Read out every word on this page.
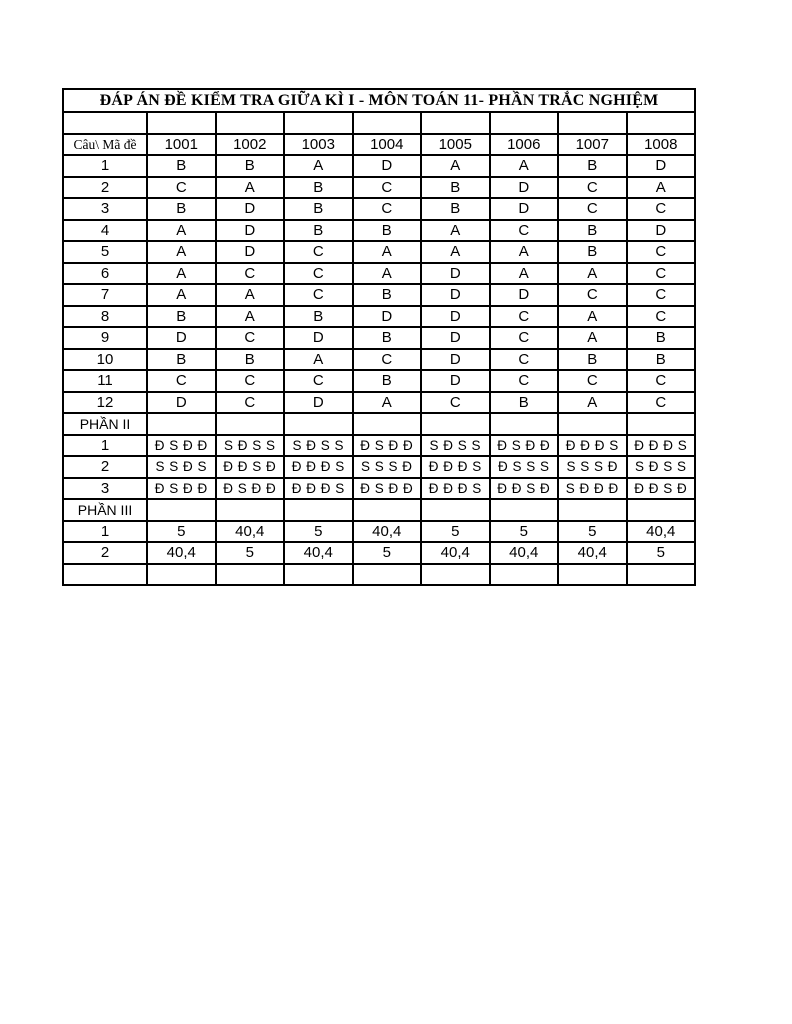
ĐÁP ÁN ĐỀ KIỂM TRA GIỮA KÌ I - MÔN TOÁN 11- PHẦN TRẮC NGHIỆM								

Câu\ Mã đề	1001	1002	1003	1004	1005	1006	1007	1008
1	B	B	A	D	A	A	B	D
2	C	A	B	C	B	D	C	A
3	B	D	B	C	B	D	C	C
4	A	D	B	B	A	C	B	D
5	A	D	C	A	A	A	B	C
6	A	C	C	A	D	A	A	C
7	A	A	C	B	D	D	C	C
8	B	A	B	D	D	C	A	C
9	D	C	D	B	D	C	A	B
10	B	B	A	C	D	C	B	B
11	C	C	C	B	D	C	C	C
12	D	C	D	A	C	B	A	C
PHẦN II								
1	Đ S Đ Đ	S Đ S S	S Đ S S	Đ S Đ Đ	S Đ S S	Đ S Đ Đ	Đ Đ Đ S	Đ Đ Đ S
2	S S Đ S	Đ Đ S Đ	Đ Đ Đ S	S S S Đ	Đ Đ Đ S	Đ S S S	S S S Đ	S Đ S S
3	Đ S Đ Đ	Đ S Đ Đ	Đ Đ Đ S	Đ S Đ Đ	Đ Đ Đ S	Đ Đ S Đ	S Đ Đ Đ	Đ Đ S Đ
PHẦN III								
1	5	40,4	5	40,4	5	5	5	40,4
2	40,4	5	40,4	5	40,4	40,4	40,4	5
